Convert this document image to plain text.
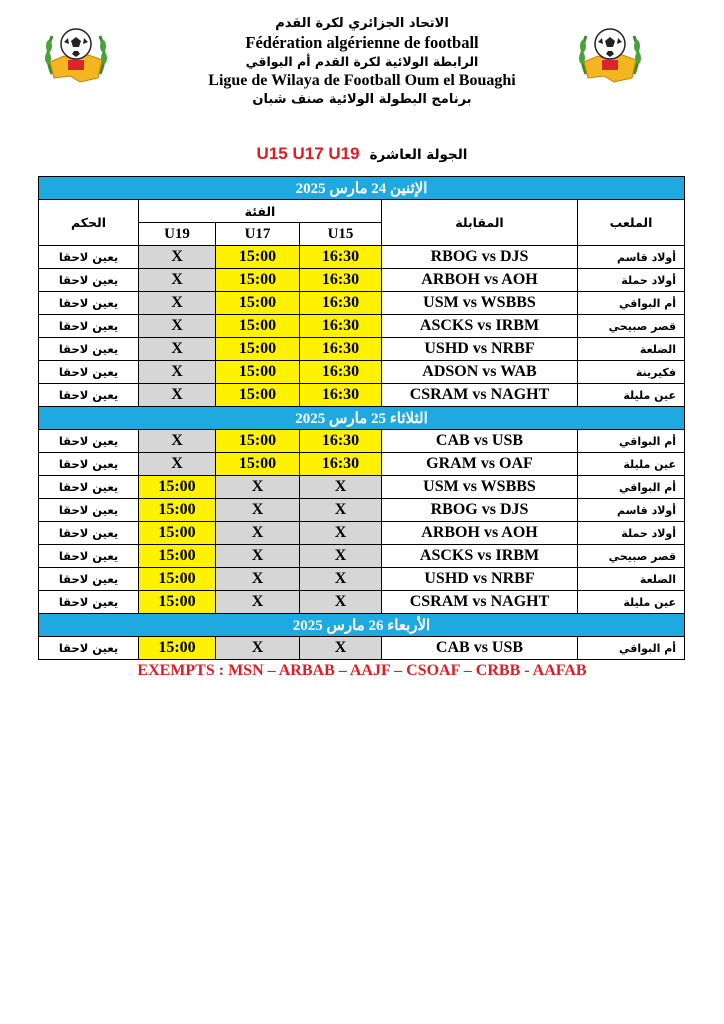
الاتحاد الجزائري لكرة القدم
Fédération algérienne de football
الرابطة الولائية لكرة القدم أم البواقي
Ligue de Wilaya de Football Oum el Bouaghi
برنامج البطولة الولائية صنف شبان
U15 U17 U19 الجولة العاشرة
الإثنين 24 مارس 2025					
الحكم	الفئة			المقابلة	الملعب
	U19	U17	U15		
يعين لاحقا	X	15:00	16:30	RBOG vs DJS	أولاد قاسم
يعين لاحقا	X	15:00	16:30	ARBOH vs AOH	أولاد حملة
يعين لاحقا	X	15:00	16:30	USM vs WSBBS	أم البواقي
يعين لاحقا	X	15:00	16:30	ASCKS vs IRBM	قصر صبيحي
يعين لاحقا	X	15:00	16:30	USHD vs NRBF	الضلعة
يعين لاحقا	X	15:00	16:30	ADSON vs WAB	فكيرينة
يعين لاحقا	X	15:00	16:30	CSRAM vs NAGHT	عين مليلة
الثلاثاء 25 مارس 2025					
يعين لاحقا	X	15:00	16:30	CAB vs USB	أم البواقي
يعين لاحقا	X	15:00	16:30	GRAM vs OAF	عين مليلة
يعين لاحقا	15:00	X	X	USM vs WSBBS	أم البواقي
يعين لاحقا	15:00	X	X	RBOG vs DJS	أولاد قاسم
يعين لاحقا	15:00	X	X	ARBOH vs AOH	أولاد حملة
يعين لاحقا	15:00	X	X	ASCKS vs IRBM	قصر صبيحي
يعين لاحقا	15:00	X	X	USHD vs NRBF	الضلعة
يعين لاحقا	15:00	X	X	CSRAM vs NAGHT	عين مليلة
الأربعاء 26 مارس 2025					
يعين لاحقا	15:00	X	X	CAB vs USB	أم البواقي
EXEMPTS : MSN – ARBAB – AAJF – CSOAF – CRBB - AAFAB
